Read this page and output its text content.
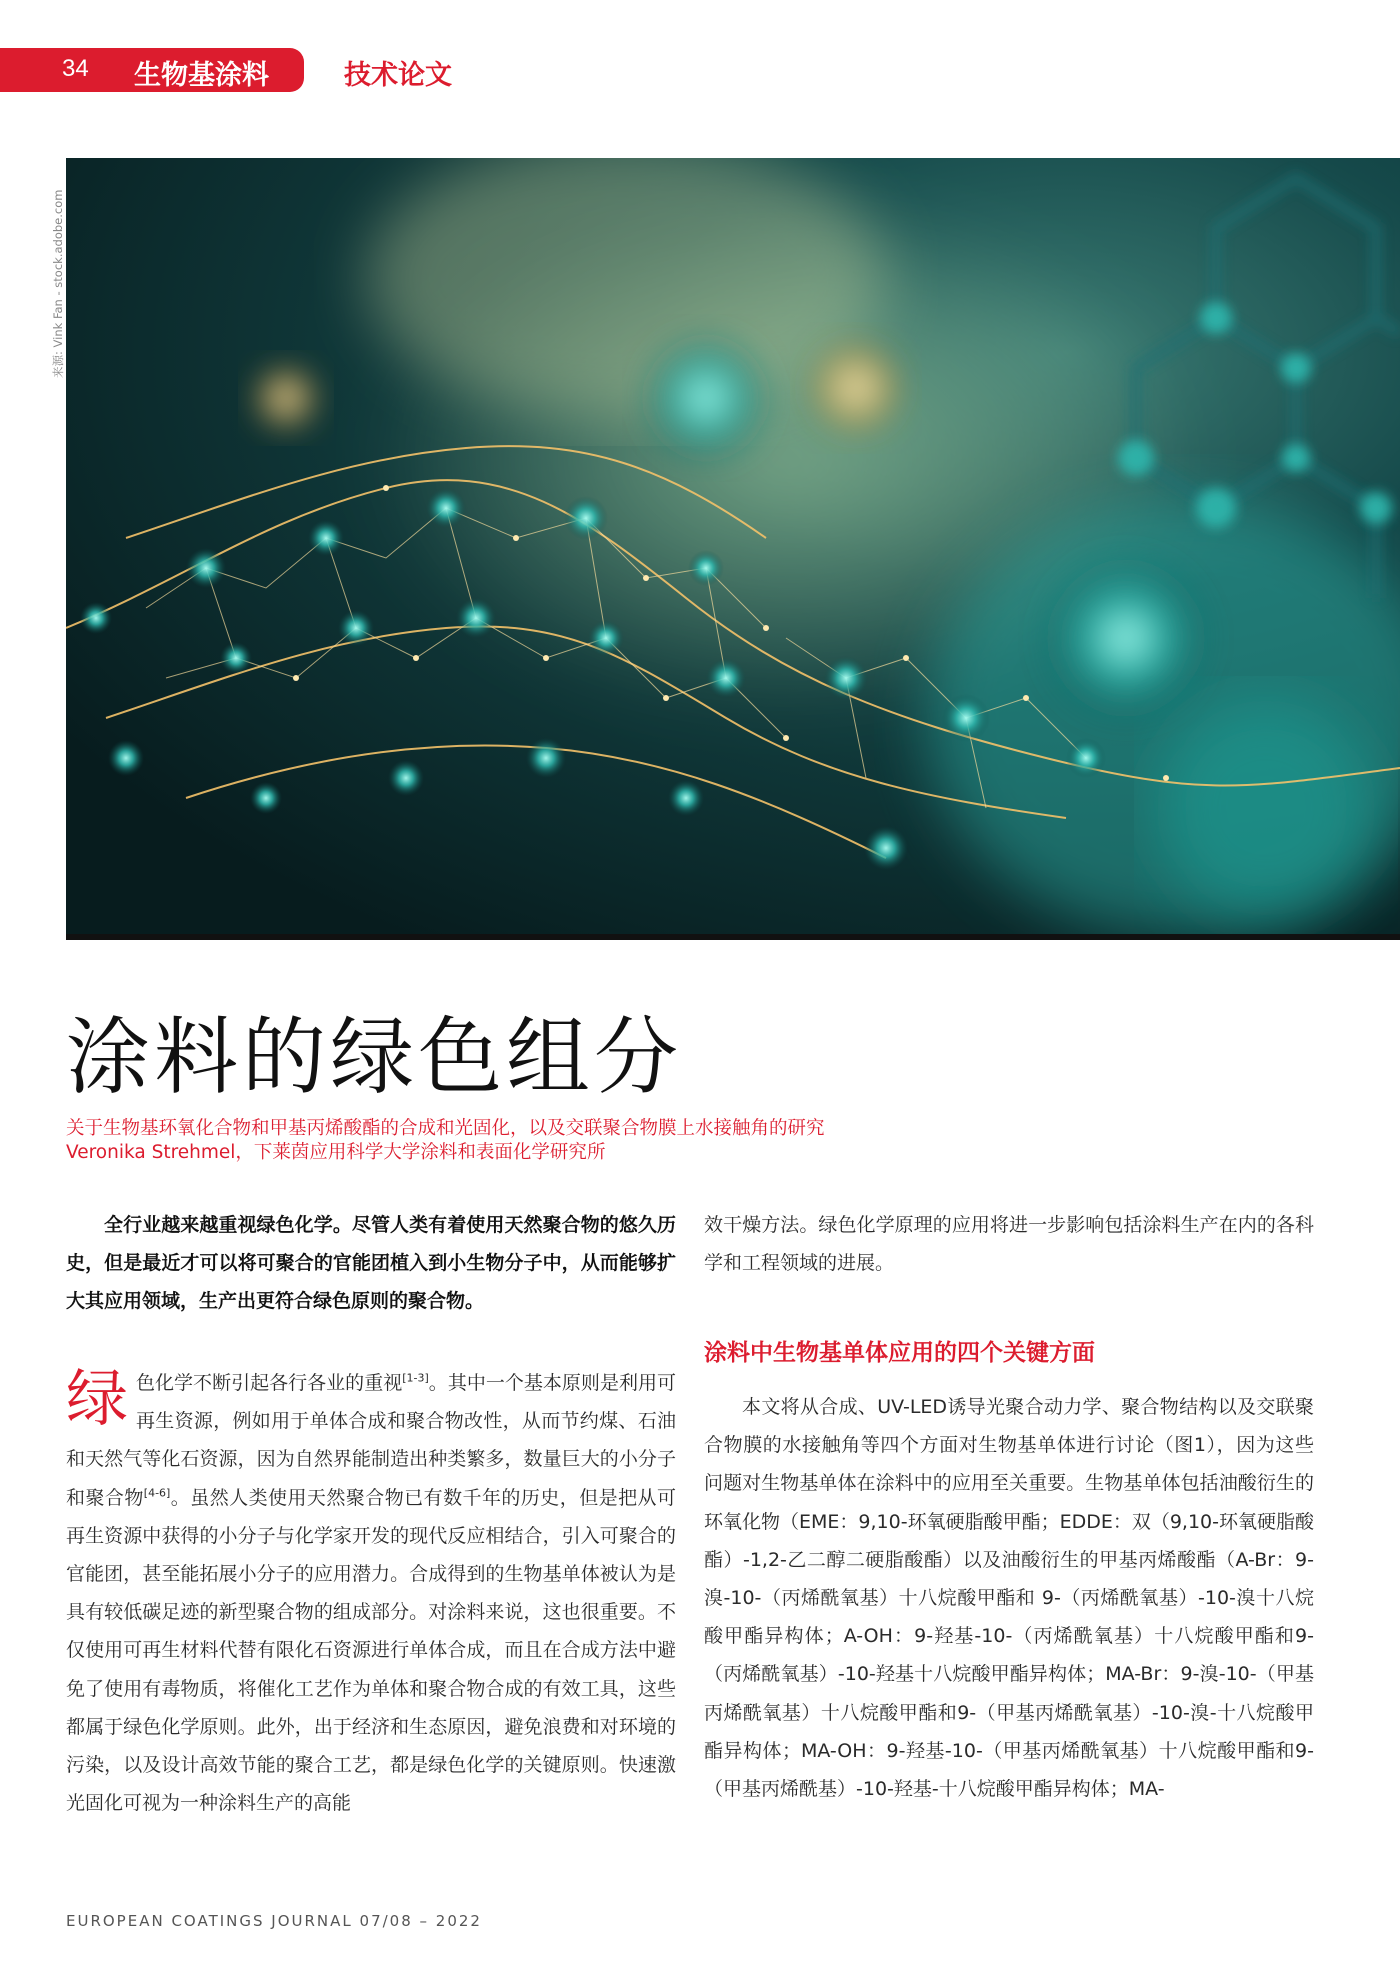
34 生物基涂料	技术论文
来源: Vink Fan - stock.adobe.com
涂料的绿色组分
关于生物基环氧化合物和甲基丙烯酸酯的合成和光固化，以及交联聚合物膜上水接触角的研究
Veronika Strehmel，下莱茵应用科学大学涂料和表面化学研究所
全行业越来越重视绿色化学。尽管人类有着使用天然聚合物的悠久历史，但是最近才可以将可聚合的官能团植入到小生物分子中，从而能够扩大其应用领域，生产出更符合绿色原则的聚合物。
绿色化学不断引起各行各业的重视[1-3]。其中一个基本原则是利用可再生资源，例如用于单体合成和聚合物改性，从而节约煤、石油和天然气等化石资源，因为自然界能制造出种类繁多，数量巨大的小分子和聚合物[4-6]。虽然人类使用天然聚合物已有数千年的历史，但是把从可再生资源中获得的小分子与化学家开发的现代反应相结合，引入可聚合的官能团，甚至能拓展小分子的应用潜力。合成得到的生物基单体被认为是具有较低碳足迹的新型聚合物的组成部分。对涂料来说，这也很重要。不仅使用可再生材料代替有限化石资源进行单体合成，而且在合成方法中避免了使用有毒物质，将催化工艺作为单体和聚合物合成的有效工具，这些都属于绿色化学原则。此外，出于经济和生态原因，避免浪费和对环境的污染，以及设计高效节能的聚合工艺，都是绿色化学的关键原则。快速激光固化可视为一种涂料生产的高能
效干燥方法。绿色化学原理的应用将进一步影响包括涂料生产在内的各科学和工程领域的进展。
涂料中生物基单体应用的四个关键方面
本文将从合成、UV-LED诱导光聚合动力学、聚合物结构以及交联聚合物膜的水接触角等四个方面对生物基单体进行讨论（图1），因为这些问题对生物基单体在涂料中的应用至关重要。生物基单体包括油酸衍生的环氧化物（EME：9,10-环氧硬脂酸甲酯；EDDE：双（9,10-环氧硬脂酸酯）-1,2-乙二醇二硬脂酸酯）以及油酸衍生的甲基丙烯酸酯（A-Br：9-溴-10-（丙烯酰氧基）十八烷酸甲酯和 9-（丙烯酰氧基）-10-溴十八烷酸甲酯异构体；A-OH：9-羟基-10-（丙烯酰氧基）十八烷酸甲酯和9-（丙烯酰氧基）-10-羟基十八烷酸甲酯异构体；MA-Br：9-溴-10-（甲基丙烯酰氧基）十八烷酸甲酯和9-（甲基丙烯酰氧基）-10-溴-十八烷酸甲酯异构体；MA-OH：9-羟基-10-（甲基丙烯酰氧基）十八烷酸甲酯和9-（甲基丙烯酰基）-10-羟基-十八烷酸甲酯异构体；MA-
EUROPEAN COATINGS JOURNAL 07/08 – 2022
